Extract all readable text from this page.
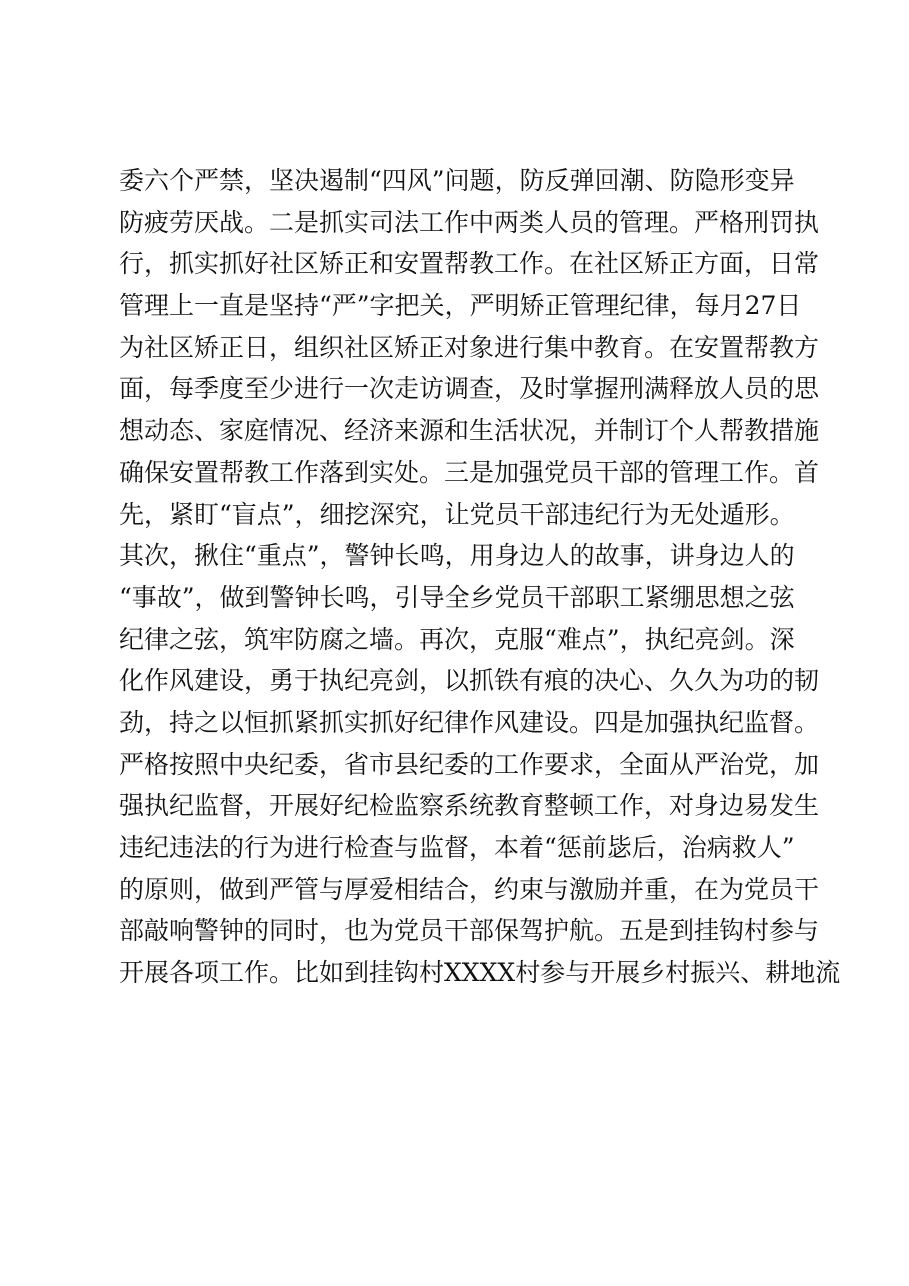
委六个严禁，坚决遏制“四风”问题，防反弹回潮、防隐形变异
防疲劳厌战。二是抓实司法工作中两类人员的管理。严格刑罚执
行，抓实抓好社区矫正和安置帮教工作。在社区矫正方面，日常
管理上一直是坚持“严”字把关，严明矫正管理纪律，每月27日
为社区矫正日，组织社区矫正对象进行集中教育。在安置帮教方
面，每季度至少进行一次走访调查，及时掌握刑满释放人员的思
想动态、家庭情况、经济来源和生活状况，并制订个人帮教措施
确保安置帮教工作落到实处。三是加强党员干部的管理工作。首
先，紧盯“盲点”，细挖深究，让党员干部违纪行为无处遁形。
其次，揪住“重点”，警钟长鸣，用身边人的故事，讲身边人的
“事故”，做到警钟长鸣，引导全乡党员干部职工紧绷思想之弦
纪律之弦，筑牢防腐之墙。再次，克服“难点”，执纪亮剑。深
化作风建设，勇于执纪亮剑，以抓铁有痕的决心、久久为功的韧
劲，持之以恒抓紧抓实抓好纪律作风建设。四是加强执纪监督。
严格按照中央纪委，省市县纪委的工作要求，全面从严治党，加
强执纪监督，开展好纪检监察系统教育整顿工作，对身边易发生
违纪违法的行为进行检查与监督，本着“惩前毖后，治病救人”
的原则，做到严管与厚爱相结合，约束与激励并重，在为党员干
部敲响警钟的同时，也为党员干部保驾护航。五是到挂钩村参与
开展各项工作。比如到挂钩村XXXX村参与开展乡村振兴、耕地流
